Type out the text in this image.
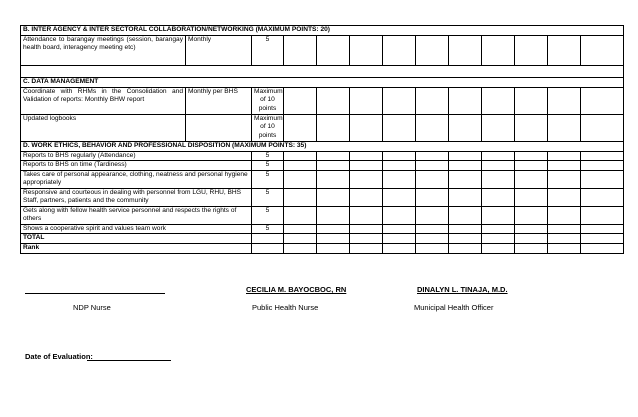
B. INTER AGENCY & INTER SECTORAL COLLABORATION/NETWORKING (MAXIMUM POINTS: 20)												
Attendance to barangay meetings (session, barangay health board, interagency meeting etc)	Monthly	5										

C. DATA MANAGEMENT												
Coordinate with RHMs in the Consolidation and Validation of reports: Monthly BHW report	Monthly per BHS	Maximum of 10 points										
Updated logbooks		Maximum of 10 points										
D. WORK ETHICS, BEHAVIOR AND PROFESSIONAL DISPOSITION (MAXIMUM POINTS: 35)												
Reports to BHS regularly (Attendance)		5										
Reports to BHS on time (Tardiness)		5										
Takes care of personal appearance, clothing, neatness and personal hygiene appropriately		5										
Responsive and courteous in dealing with personnel from LGU, RHU, BHS Staff, partners, patients and the community		5										
Gets along with fellow health service personnel and respects the rights of others		5										
Shows a cooperative spirit and values team work		5										
TOTAL												
Rank												
CECILIA M. BAYOCBOC, RN	DINALYN L. TINAJA, M.D.
NDP Nurse	Public Health Nurse	Municipal Health Officer
Date of Evaluation:
